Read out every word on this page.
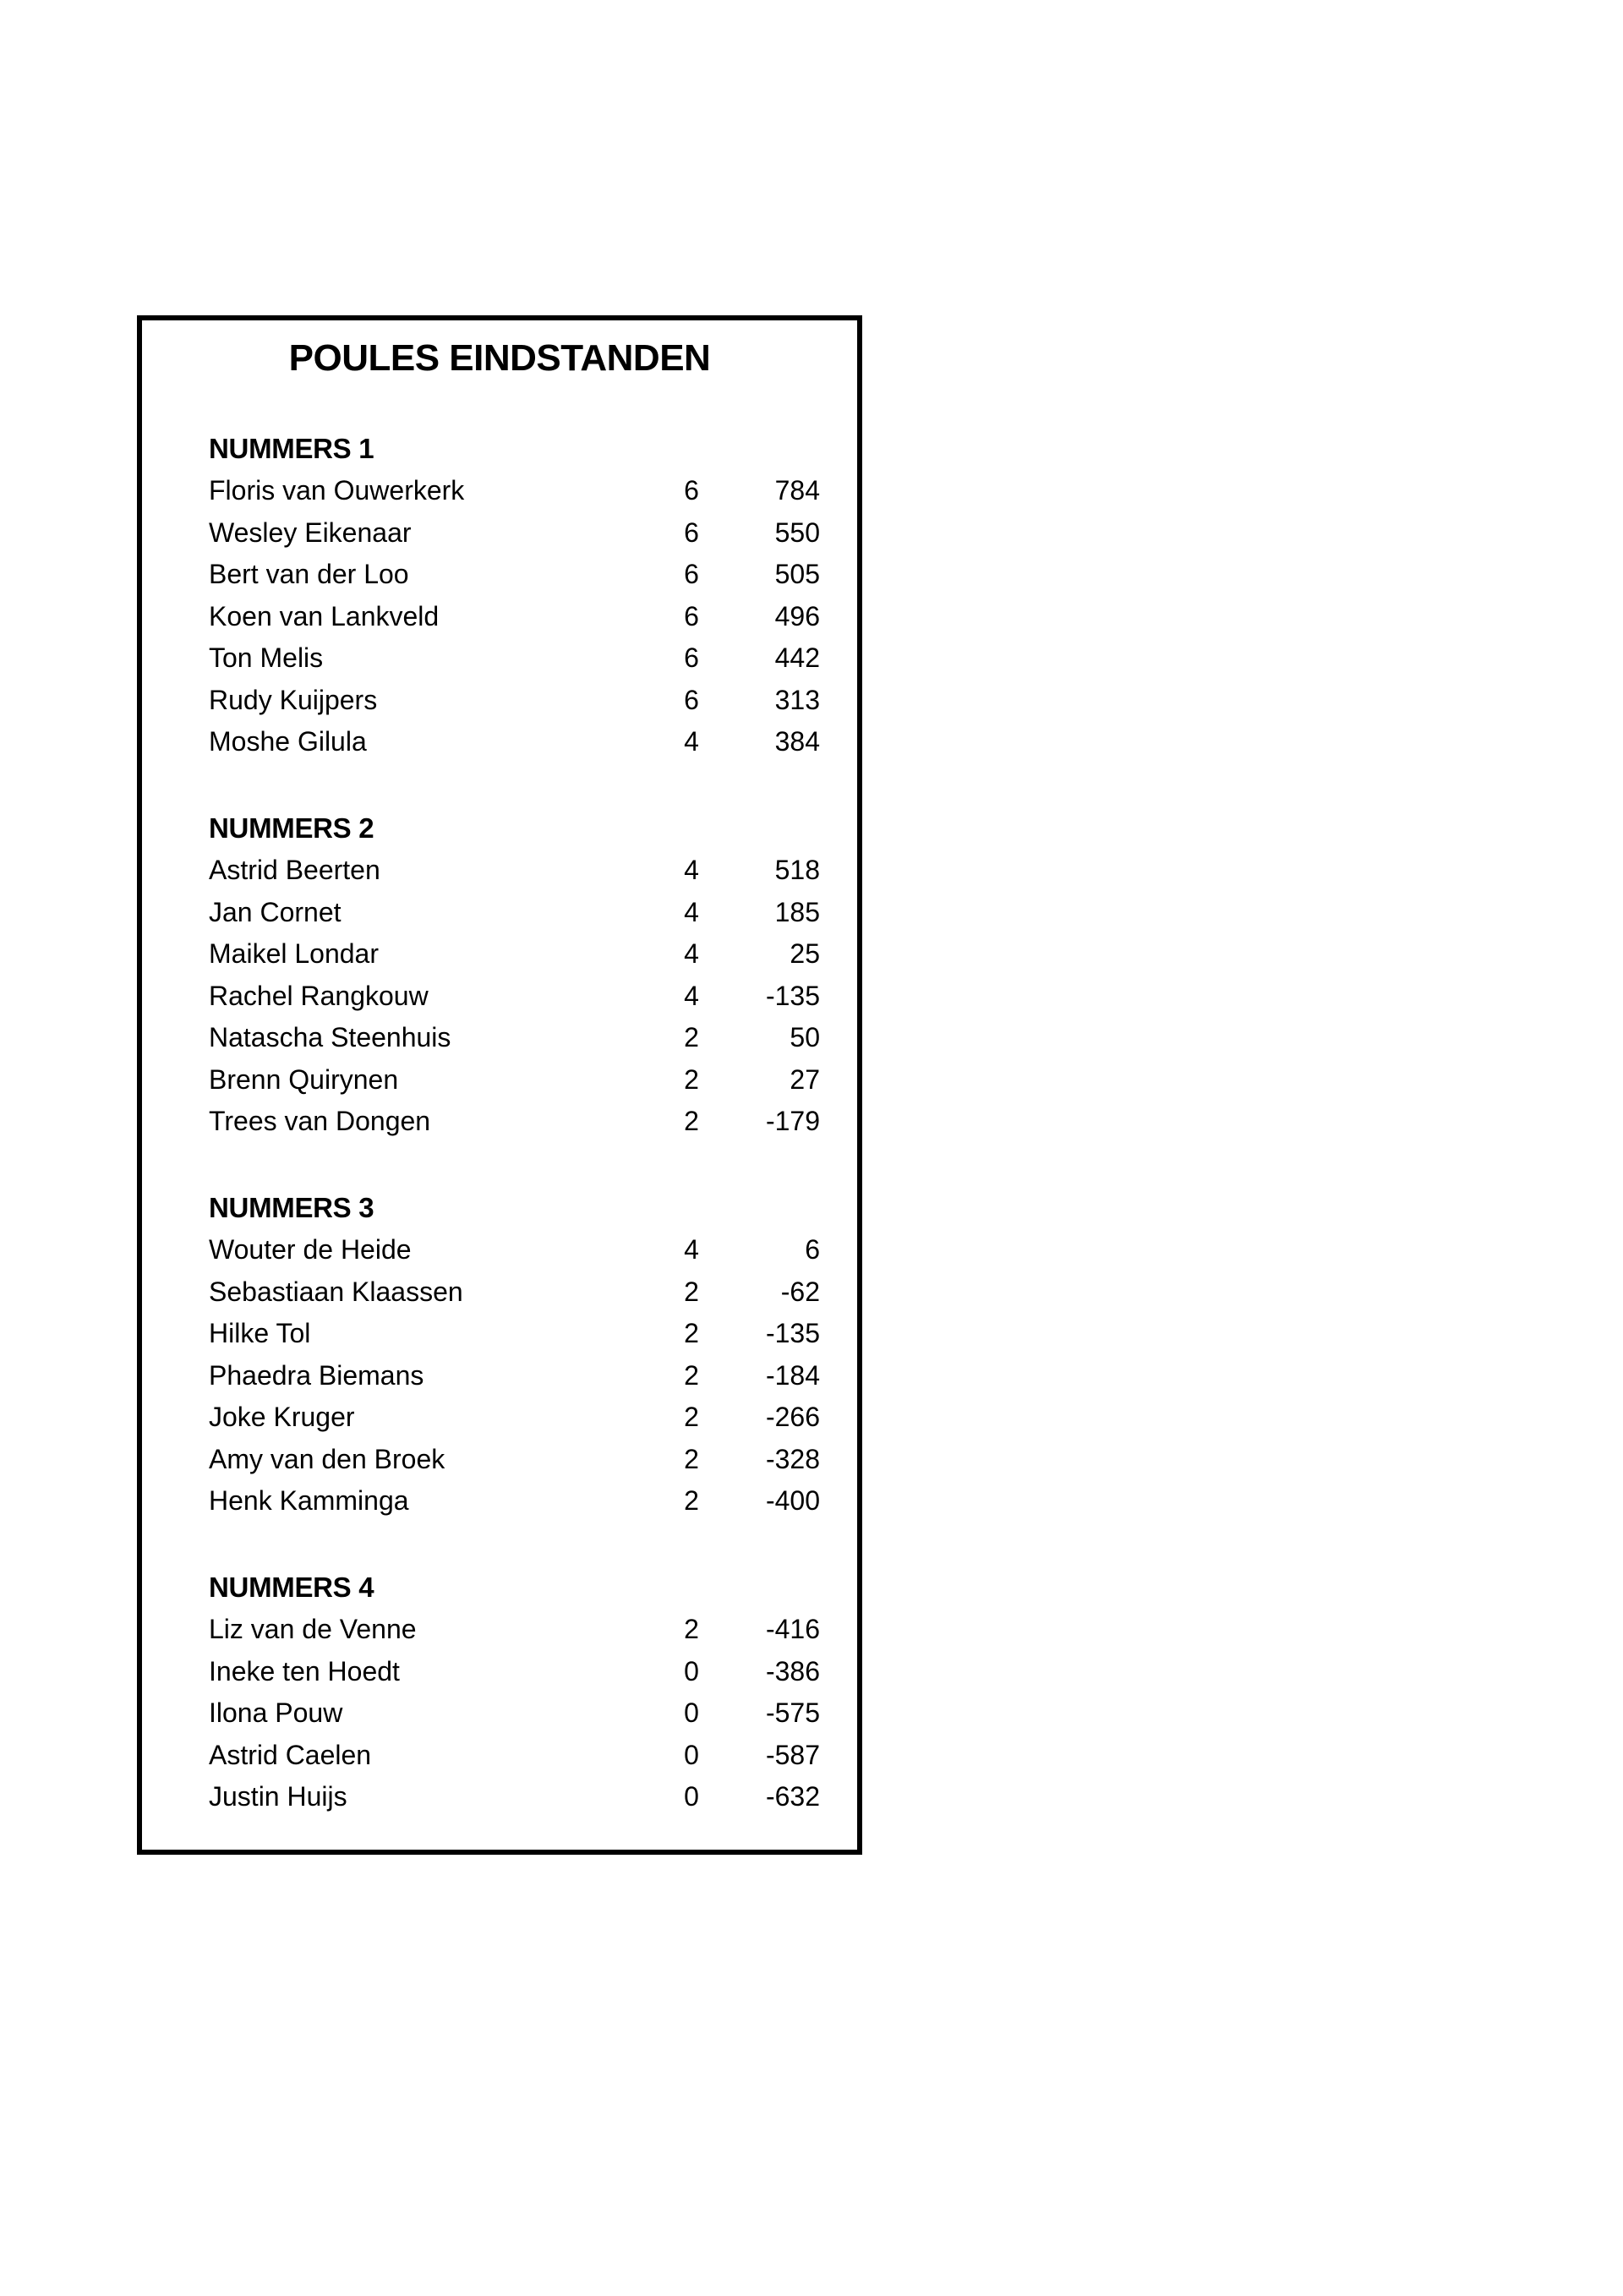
POULES EINDSTANDEN
NUMMERS 1
Floris van Ouwerkerk	6	784
Wesley Eikenaar	6	550
Bert van der Loo	6	505
Koen van Lankveld	6	496
Ton Melis	6	442
Rudy Kuijpers	6	313
Moshe Gilula	4	384
NUMMERS 2
Astrid Beerten	4	518
Jan Cornet	4	185
Maikel Londar	4	25
Rachel Rangkouw	4	-135
Natascha Steenhuis	2	50
Brenn Quirynen	2	27
Trees van Dongen	2	-179
NUMMERS 3
Wouter de Heide	4	6
Sebastiaan Klaassen	2	-62
Hilke Tol	2	-135
Phaedra Biemans	2	-184
Joke Kruger	2	-266
Amy van den Broek	2	-328
Henk Kamminga	2	-400
NUMMERS 4
Liz van de Venne	2	-416
Ineke ten Hoedt	0	-386
Ilona Pouw	0	-575
Astrid Caelen	0	-587
Justin Huijs	0	-632
